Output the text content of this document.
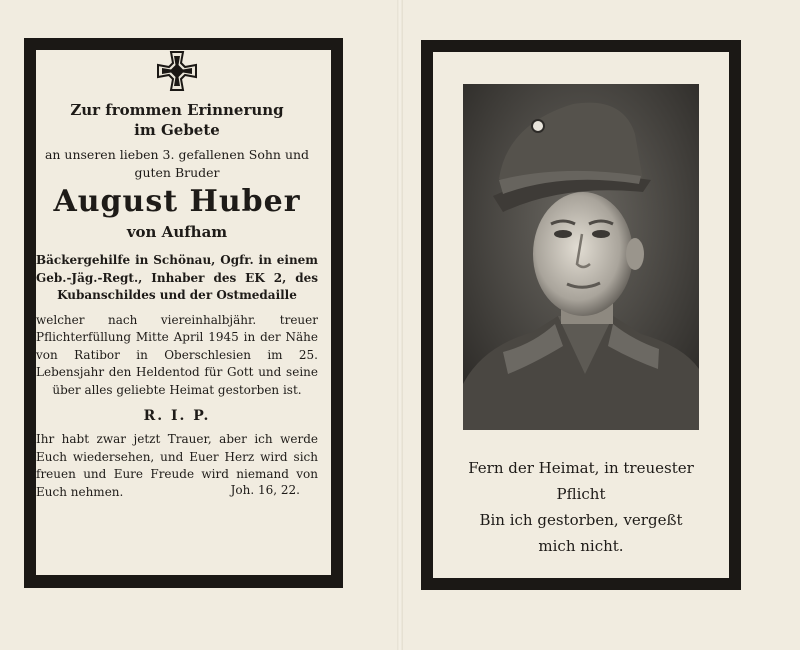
Zur frommen Erinnerung
im Gebete
an unseren lieben 3. gefallenen Sohn und guten Bruder
August Huber
von Aufham
Bäckergehilfe in Schönau, Ogfr. in einem Geb.-Jäg.-Regt., Inhaber des EK 2, des Kubanschildes und der Ostmedaille
welcher nach viereinhalbjähr. treuer Pflichterfüllung Mitte April 1945 in der Nähe von Ratibor in Oberschlesien im 25. Lebensjahr den Heldentod für Gott und seine über alles geliebte Heimat gestorben ist.
R. I. P.
Ihr habt zwar jetzt Trauer, aber ich werde Euch wiedersehen, und Euer Herz wird sich freuen und Eure Freude wird niemand von Euch nehmen.	Joh. 16, 22.
Fern der Heimat, in treuester
Pflicht
Bin ich gestorben, vergeßt
mich nicht.
